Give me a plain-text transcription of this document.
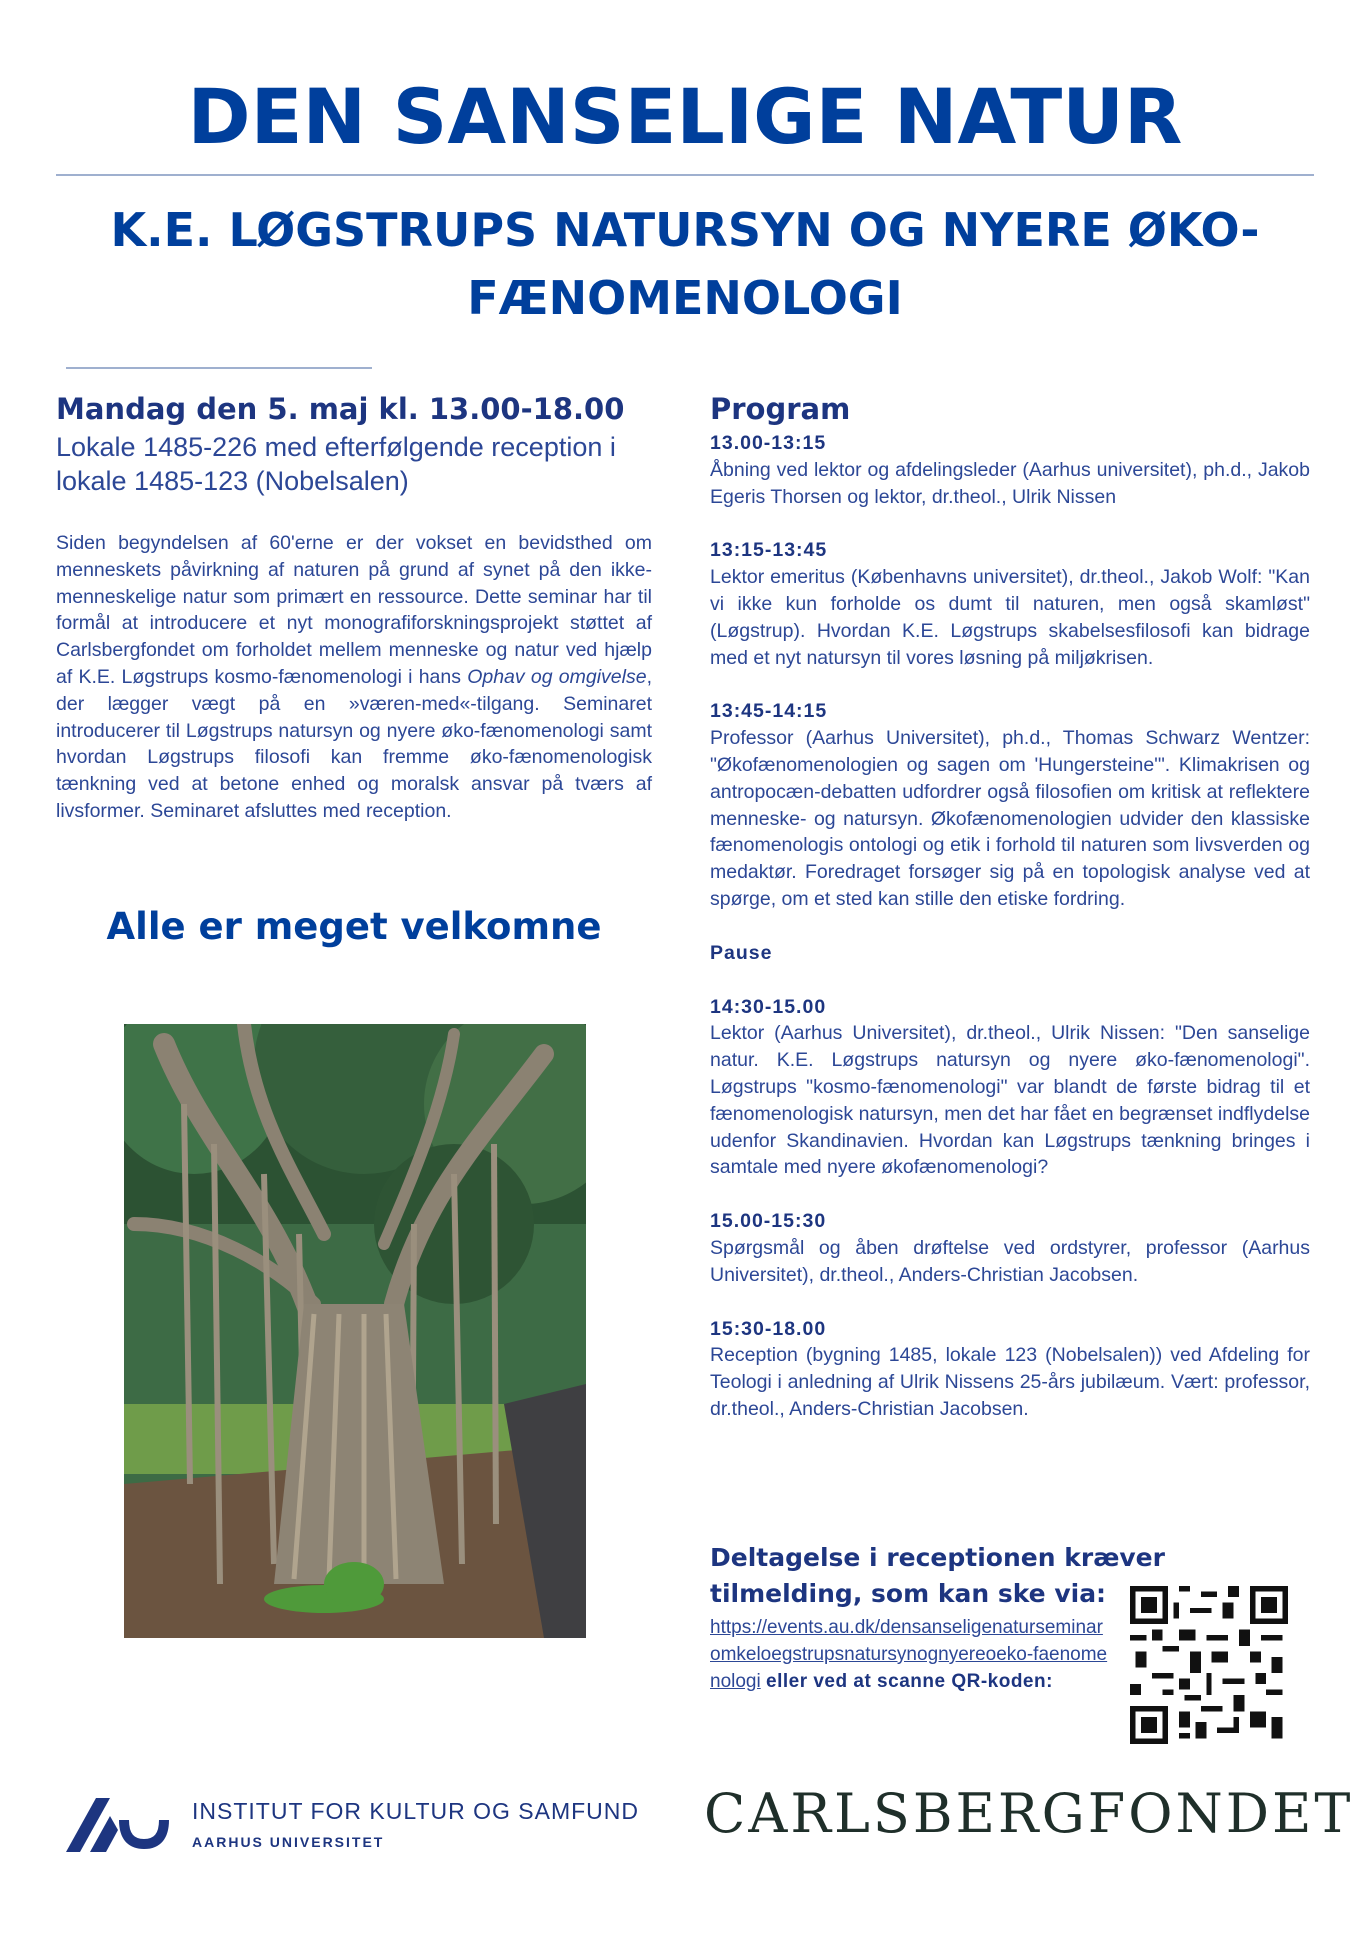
DEN SANSELIGE NATUR
K.E. LØGSTRUPS NATURSYN OG NYERE ØKO-FÆNOMENOLOGI
Mandag den 5. maj kl. 13.00-18.00
Lokale 1485-226 med efterfølgende reception i lokale 1485-123 (Nobelsalen)
Siden begyndelsen af 60'erne er der vokset en bevidsthed om menneskets påvirkning af naturen på grund af synet på den ikke-menneskelige natur som primært en ressource. Dette seminar har til formål at introducere et nyt monografiforskningsprojekt støttet af Carlsbergfondet om forholdet mellem menneske og natur ved hjælp af K.E. Løgstrups kosmo-fænomenologi i hans Ophav og omgivelse, der lægger vægt på en »væren-med«-tilgang. Seminaret introducerer til Løgstrups natursyn og nyere øko-fænomenologi samt hvordan Løgstrups filosofi kan fremme øko-fænomenologisk tænkning ved at betone enhed og moralsk ansvar på tværs af livsformer. Seminaret afsluttes med reception.
Alle er meget velkomne
Program
13.00-13:15
Åbning ved lektor og afdelingsleder (Aarhus universitet), ph.d., Jakob Egeris Thorsen og lektor, dr.theol., Ulrik Nissen
13:15-13:45
Lektor emeritus (Københavns universitet), dr.theol., Jakob Wolf: "Kan vi ikke kun forholde os dumt til naturen, men også skamløst" (Løgstrup). Hvordan K.E. Løgstrups skabelsesfilosofi kan bidrage med et nyt natursyn til vores løsning på miljøkrisen.
13:45-14:15
Professor (Aarhus Universitet), ph.d., Thomas Schwarz Wentzer: "Økofænomenologien og sagen om 'Hungersteine'". Klimakrisen og antropocæn-debatten udfordrer også filosofien om kritisk at reflektere menneske- og natursyn. Økofænomenologien udvider den klassiske fænomenologis ontologi og etik i forhold til naturen som livsverden og medaktør. Foredraget forsøger sig på en topologisk analyse ved at spørge, om et sted kan stille den etiske fordring.
Pause
14:30-15.00
Lektor (Aarhus Universitet), dr.theol., Ulrik Nissen: "Den sanselige natur. K.E. Løgstrups natursyn og nyere øko-fænomenologi". Løgstrups "kosmo-fænomenologi" var blandt de første bidrag til et fænomenologisk natursyn, men det har fået en begrænset indflydelse udenfor Skandinavien. Hvordan kan Løgstrups tænkning bringes i samtale med nyere økofænomenologi?
15.00-15:30
Spørgsmål og åben drøftelse ved ordstyrer, professor (Aarhus Universitet), dr.theol., Anders-Christian Jacobsen.
15:30-18.00
Reception (bygning 1485, lokale 123 (Nobelsalen)) ved Afdeling for Teologi i anledning af Ulrik Nissens 25-års jubilæum. Vært: professor, dr.theol., Anders-Christian Jacobsen.
Deltagelse i receptionen kræver tilmelding, som kan ske via:
https://events.au.dk/densanseligenaturseminaromkeloegstrupsnatursynognyereoeko-faenomenologi eller ved at scanne QR-koden:
INSTITUT FOR KULTUR OG SAMFUND
AARHUS UNIVERSITET	CARLSBERGFONDET
